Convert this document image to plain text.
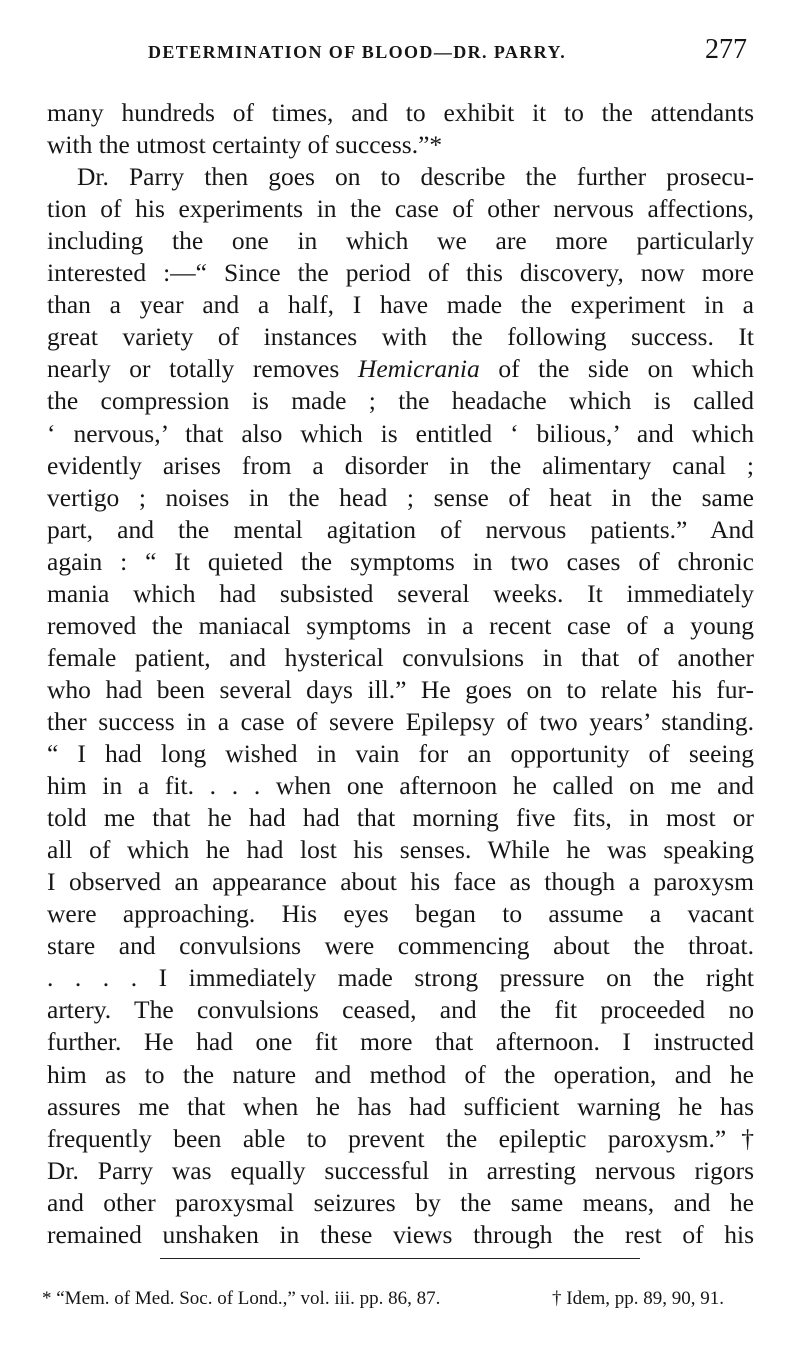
DETERMINATION OF BLOOD—DR. PARRY.	277
many hundreds of times, and to exhibit it to the attendants
with the utmost certainty of success.”*
Dr. Parry then goes on to describe the further prosecu-
tion of his experiments in the case of other nervous affections,
including the one in which we are more particularly
interested :—“ Since the period of this discovery, now more
than a year and a half, I have made the experiment in a
great variety of instances with the following success. It
nearly or totally removes Hemicrania of the side on which
the compression is made ; the headache which is called
‘ nervous,’ that also which is entitled ‘ bilious,’ and which
evidently arises from a disorder in the alimentary canal ;
vertigo ; noises in the head ; sense of heat in the same
part, and the mental agitation of nervous patients.” And
again : “ It quieted the symptoms in two cases of chronic
mania which had subsisted several weeks. It immediately
removed the maniacal symptoms in a recent case of a young
female patient, and hysterical convulsions in that of another
who had been several days ill.” He goes on to relate his fur-
ther success in a case of severe Epilepsy of two years’ standing.
“ I had long wished in vain for an opportunity of seeing
him in a fit. . . . when one afternoon he called on me and
told me that he had had that morning five fits, in most or
all of which he had lost his senses. While he was speaking
I observed an appearance about his face as though a paroxysm
were approaching. His eyes began to assume a vacant
stare and convulsions were commencing about the throat.
. . . . I immediately made strong pressure on the right
artery. The convulsions ceased, and the fit proceeded no
further. He had one fit more that afternoon. I instructed
him as to the nature and method of the operation, and he
assures me that when he has had sufficient warning he has
frequently been able to prevent the epileptic paroxysm.”†
Dr. Parry was equally successful in arresting nervous rigors
and other paroxysmal seizures by the same means, and he
remained unshaken in these views through the rest of his
* “Mem. of Med. Soc. of Lond.,” vol. iii. pp. 86, 87.	† Idem, pp. 89, 90, 91.
